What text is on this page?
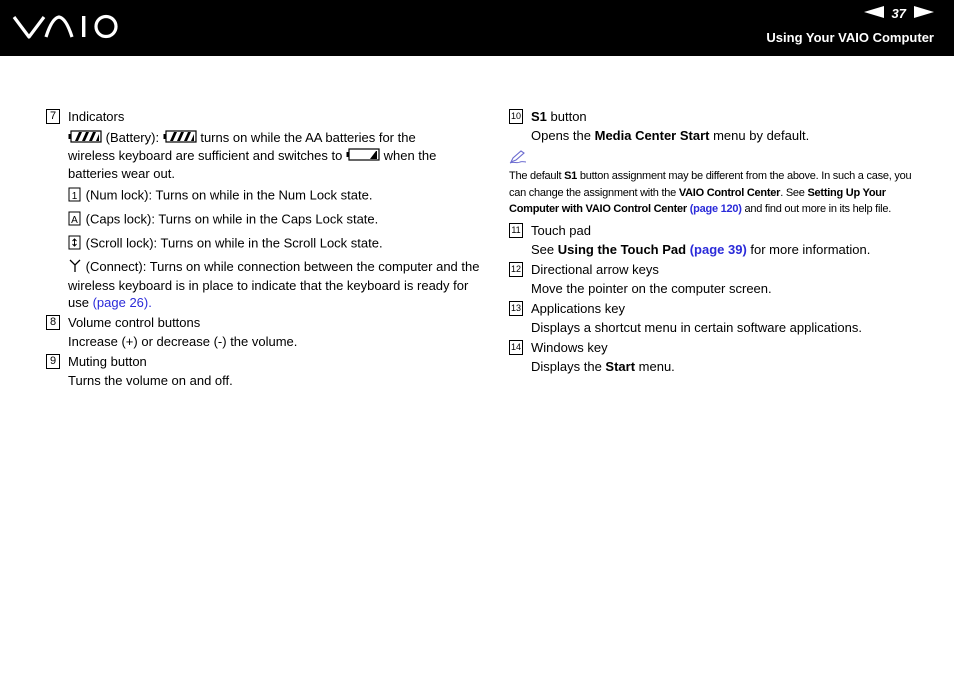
37
Using Your VAIO Computer
7 Indicators
(Battery):	turns on while the AA batteries for the
wireless keyboard are sufficient and switches to	when the
batteries wear out.
1 (Num lock): Turns on while in the Num Lock state.
A (Caps lock): Turns on while in the Caps Lock state.
(Scroll lock): Turns on while in the Scroll Lock state.
(Connect): Turns on while connection between the computer and the wireless keyboard is in place to indicate that the keyboard is ready for use (page 26).
8 Volume control buttons
Increase (+) or decrease (-) the volume.
9 Muting button
Turns the volume on and off.
10 S1 button
Opens the Media Center Start menu by default.
The default S1 button assignment may be different from the above. In such a case, you can change the assignment with the VAIO Control Center. See Setting Up Your Computer with VAIO Control Center (page 120) and find out more in its help file.
11 Touch pad
See Using the Touch Pad (page 39) for more information.
12 Directional arrow keys
Move the pointer on the computer screen.
13 Applications key
Displays a shortcut menu in certain software applications.
14 Windows key
Displays the Start menu.
